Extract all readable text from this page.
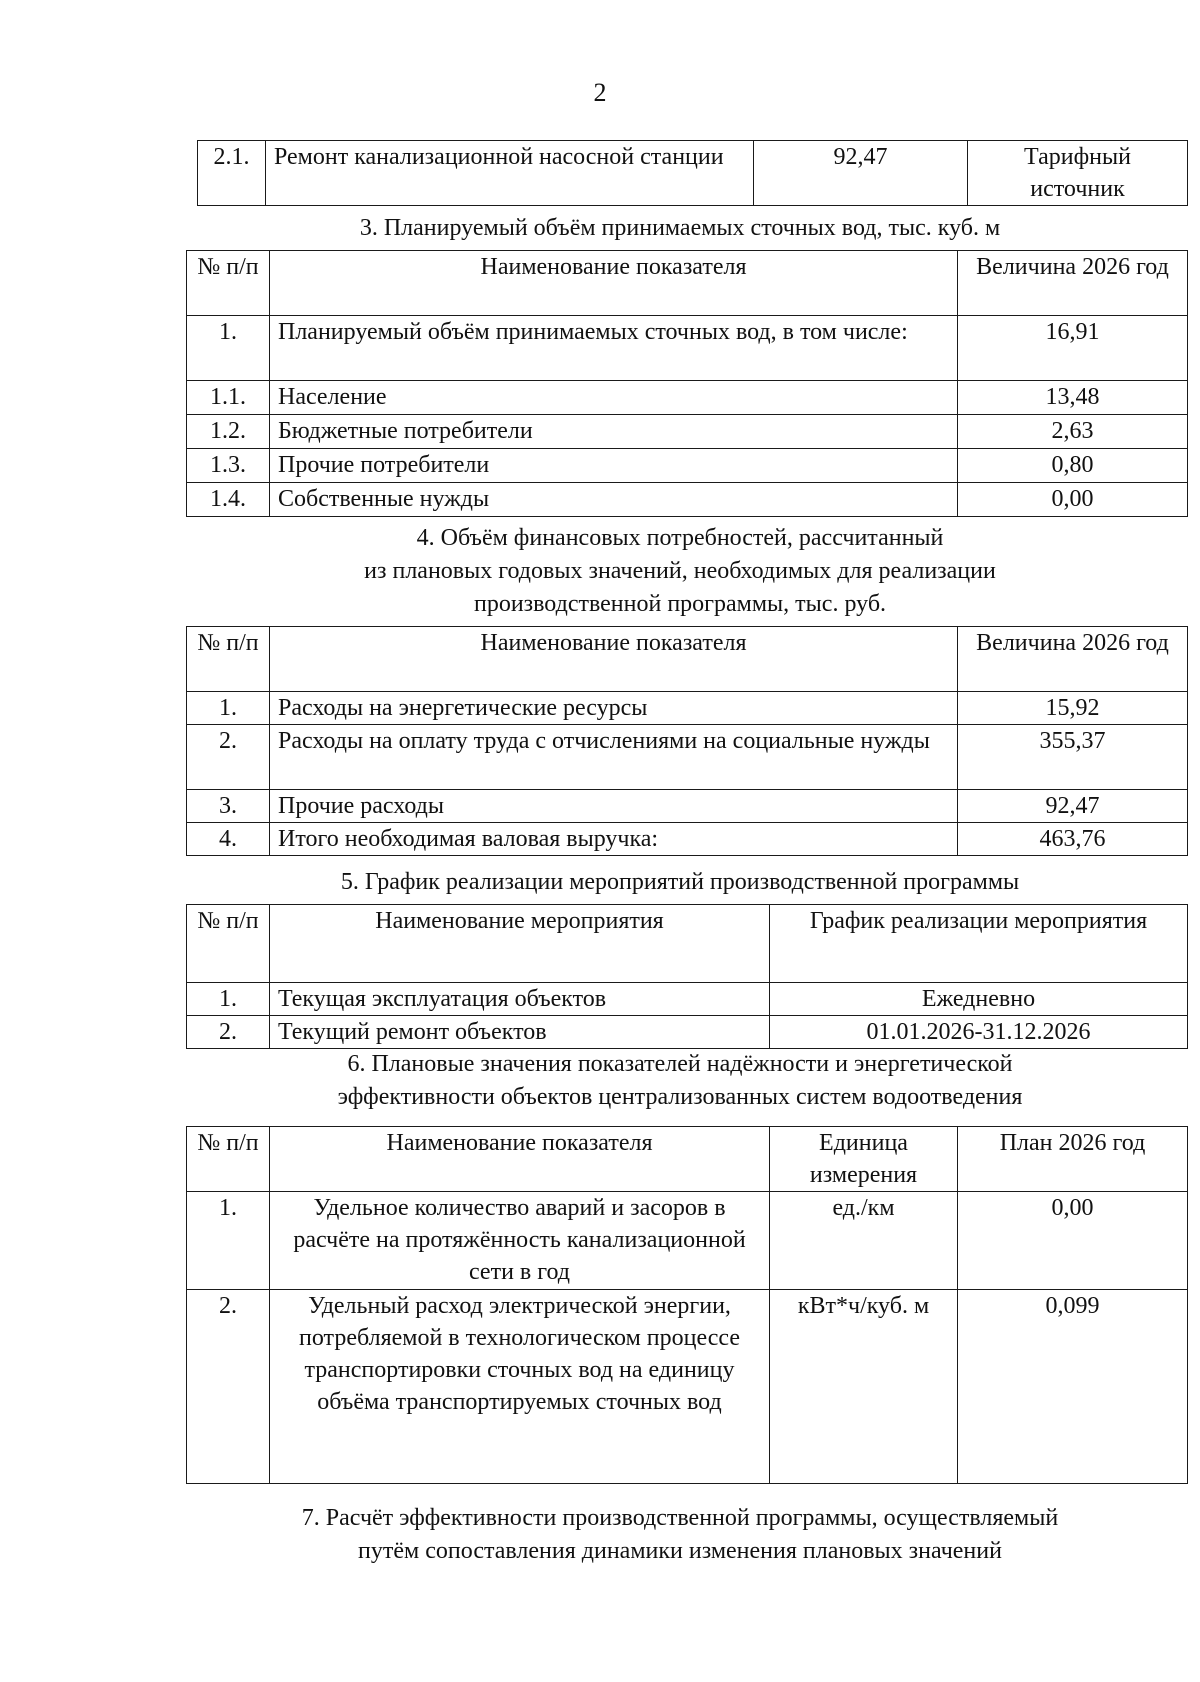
2
2.1.	Ремонт канализационной насосной станции	92,47	Тарифный источник
3. Планируемый объём принимаемых сточных вод, тыс. куб. м
№ п/п	Наименование показателя	Величина 2026 год
1.	Планируемый объём принимаемых сточных вод, в том числе:	16,91
1.1.	Население	13,48
1.2.	Бюджетные потребители	2,63
1.3.	Прочие потребители	0,80
1.4.	Собственные нужды	0,00
4. Объём финансовых потребностей, рассчитанный
из плановых годовых значений, необходимых для реализации
производственной программы, тыс. руб.
№ п/п	Наименование показателя	Величина 2026 год
1.	Расходы на энергетические ресурсы	15,92
2.	Расходы на оплату труда с отчислениями на социальные нужды	355,37
3.	Прочие расходы	92,47
4.	Итого необходимая валовая выручка:	463,76
5. График реализации мероприятий производственной программы
№ п/п	Наименование мероприятия	График реализации мероприятия
1.	Текущая эксплуатация объектов	Ежедневно
2.	Текущий ремонт объектов	01.01.2026-31.12.2026
6. Плановые значения показателей надёжности и энергетической
эффективности объектов централизованных систем водоотведения
№ п/п	Наименование показателя	Единица измерения	План 2026 год
1.	Удельное количество аварий и засоров в расчёте на протяжённость канализационной сети в год	ед./км	0,00
2.	Удельный расход электрической энергии, потребляемой в технологическом процессе транспортировки сточных вод на единицу объёма транспортируемых сточных вод	кВт*ч/куб. м	0,099
7. Расчёт эффективности производственной программы, осуществляемый
путём сопоставления динамики изменения плановых значений
